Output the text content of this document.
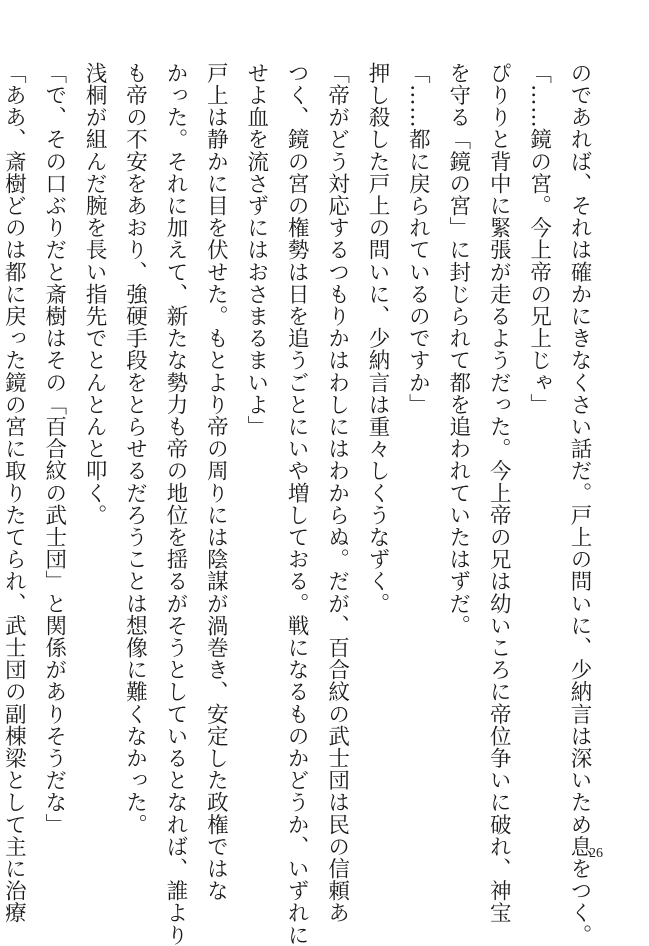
のであれば、それは確かにきなくさい話だ。戸上の問いに、少納言は深いため息をつく。
「……鏡の宮。今上帝の兄上じゃ」
ぴりりと背中に緊張が走るようだった。今上帝の兄は幼いころに帝位争いに破れ、神宝
を守る「鏡の宮」に封じられて都を追われていたはずだ。
「……都に戻られているのですか」
押し殺した戸上の問いに、少納言は重々しくうなずく。
「帝がどう対応するつもりかはわしにはわからぬ。だが、百合紋の武士団は民の信頼あ
つく、鏡の宮の権勢は日を追うごとにいや増しておる。戦になるものかどうか、いずれに
せよ血を流さずにはおさまるまいよ」
戸上は静かに目を伏せた。もとより帝の周りには陰謀が渦巻き、安定した政権ではな
かった。それに加えて、新たな勢力も帝の地位を揺るがそうとしているとなれば、誰より
も帝の不安をあおり、強硬手段をとらせるだろうことは想像に難くなかった。
浅桐が組んだ腕を長い指先でとんとんと叩く。
「で、その口ぶりだと斎樹はその「百合紋の武士団」と関係がありそうだな」
「ああ、斎樹どのは都に戻った鏡の宮に取りたてられ、武士団の副棟梁として主に治療	26
